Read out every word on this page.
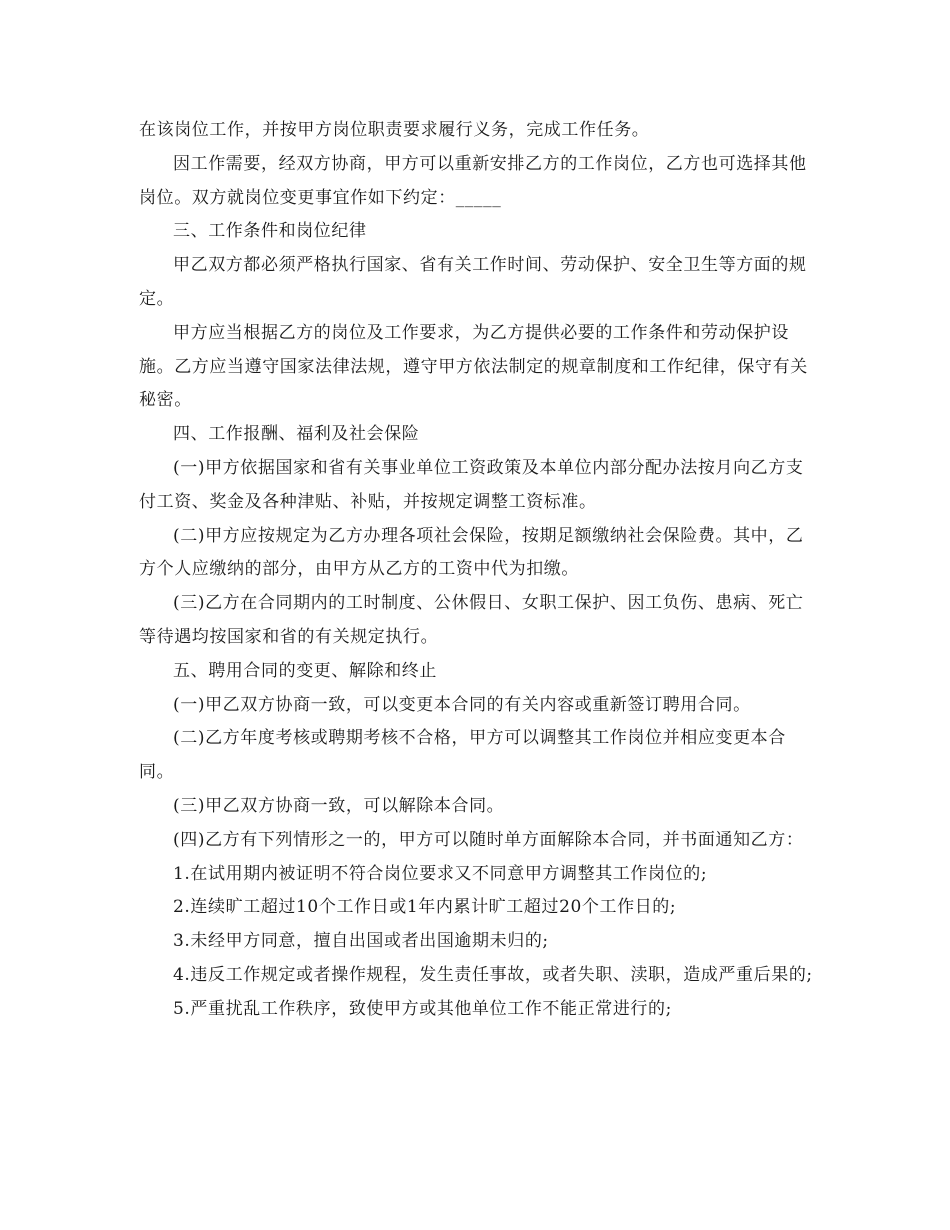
在该岗位工作，并按甲方岗位职责要求履行义务，完成工作任务。

因工作需要，经双方协商，甲方可以重新安排乙方的工作岗位，乙方也可选择其他岗位。双方就岗位变更事宜作如下约定：_____

三、工作条件和岗位纪律

甲乙双方都必须严格执行国家、省有关工作时间、劳动保护、安全卫生等方面的规定。

甲方应当根据乙方的岗位及工作要求，为乙方提供必要的工作条件和劳动保护设施。乙方应当遵守国家法律法规，遵守甲方依法制定的规章制度和工作纪律，保守有关秘密。

四、工作报酬、福利及社会保险

(一)甲方依据国家和省有关事业单位工资政策及本单位内部分配办法按月向乙方支付工资、奖金及各种津贴、补贴，并按规定调整工资标准。

(二)甲方应按规定为乙方办理各项社会保险，按期足额缴纳社会保险费。其中，乙方个人应缴纳的部分，由甲方从乙方的工资中代为扣缴。

(三)乙方在合同期内的工时制度、公休假日、女职工保护、因工负伤、患病、死亡等待遇均按国家和省的有关规定执行。

五、聘用合同的变更、解除和终止

(一)甲乙双方协商一致，可以变更本合同的有关内容或重新签订聘用合同。

(二)乙方年度考核或聘期考核不合格，甲方可以调整其工作岗位并相应变更本合同。

(三)甲乙双方协商一致，可以解除本合同。

(四)乙方有下列情形之一的，甲方可以随时单方面解除本合同，并书面通知乙方：

1.在试用期内被证明不符合岗位要求又不同意甲方调整其工作岗位的;

2.连续旷工超过10个工作日或1年内累计旷工超过20个工作日的;

3.未经甲方同意，擅自出国或者出国逾期未归的;

4.违反工作规定或者操作规程，发生责任事故，或者失职、渎职，造成严重后果的;

5.严重扰乱工作秩序，致使甲方或其他单位工作不能正常进行的;
